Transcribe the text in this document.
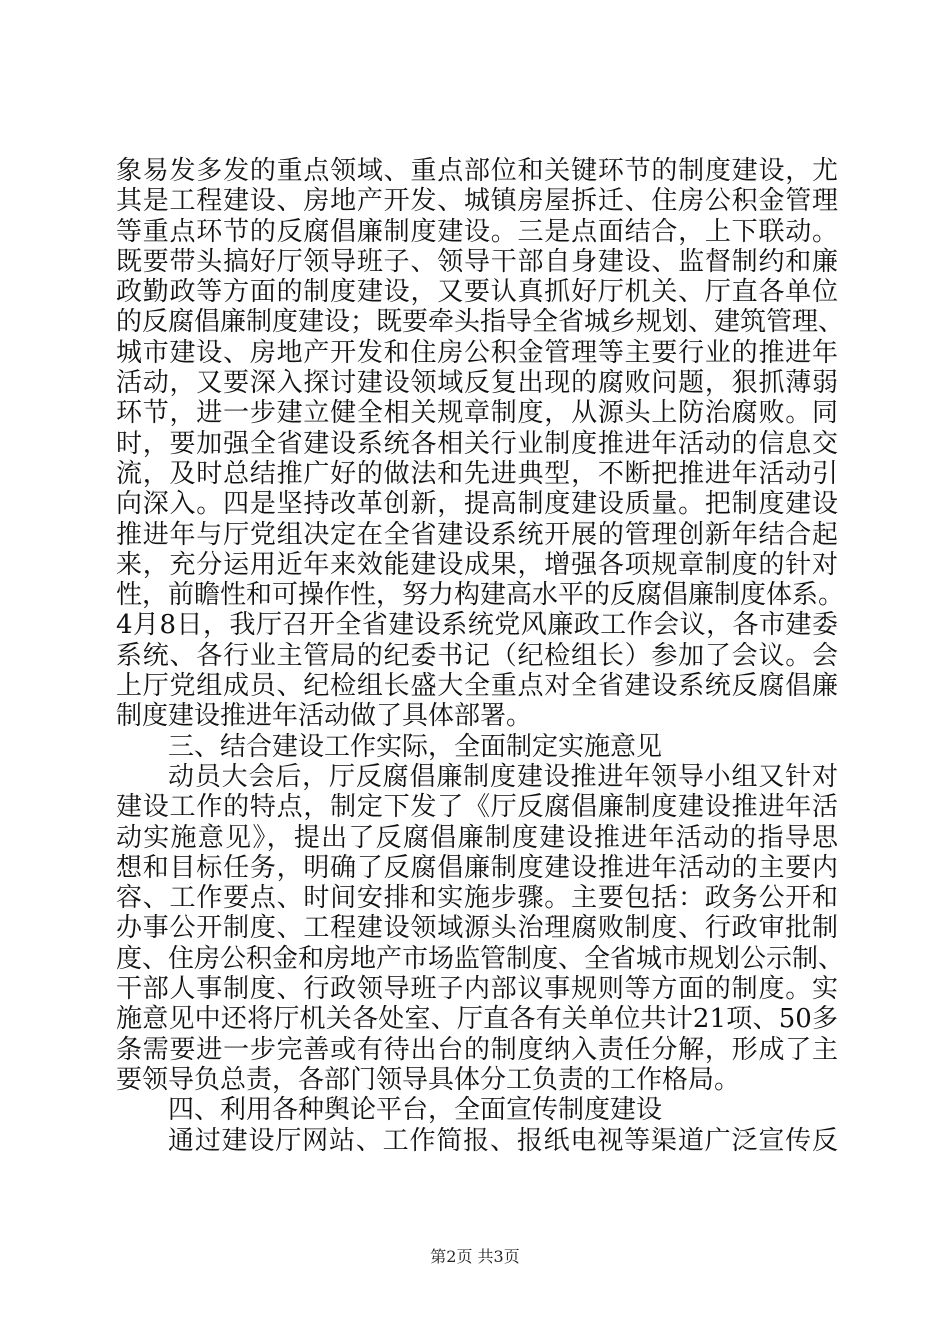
象易发多发的重点领域、重点部位和关键环节的制度建设，尤
其是工程建设、房地产开发、城镇房屋拆迁、住房公积金管理
等重点环节的反腐倡廉制度建设。三是点面结合，上下联动。
既要带头搞好厅领导班子、领导干部自身建设、监督制约和廉
政勤政等方面的制度建设，又要认真抓好厅机关、厅直各单位
的反腐倡廉制度建设；既要牵头指导全省城乡规划、建筑管理、
城市建设、房地产开发和住房公积金管理等主要行业的推进年
活动，又要深入探讨建设领域反复出现的腐败问题，狠抓薄弱
环节，进一步建立健全相关规章制度，从源头上防治腐败。同
时，要加强全省建设系统各相关行业制度推进年活动的信息交
流，及时总结推广好的做法和先进典型，不断把推进年活动引
向深入。四是坚持改革创新，提高制度建设质量。把制度建设
推进年与厅党组决定在全省建设系统开展的管理创新年结合起
来，充分运用近年来效能建设成果，增强各项规章制度的针对
性，前瞻性和可操作性，努力构建高水平的反腐倡廉制度体系。
4月8日，我厅召开全省建设系统党风廉政工作会议，各市建委
系统、各行业主管局的纪委书记（纪检组长）参加了会议。会
上厅党组成员、纪检组长盛大全重点对全省建设系统反腐倡廉
制度建设推进年活动做了具体部署。
三、结合建设工作实际，全面制定实施意见
动员大会后，厅反腐倡廉制度建设推进年领导小组又针对
建设工作的特点，制定下发了《厅反腐倡廉制度建设推进年活
动实施意见》，提出了反腐倡廉制度建设推进年活动的指导思
想和目标任务，明确了反腐倡廉制度建设推进年活动的主要内
容、工作要点、时间安排和实施步骤。主要包括：政务公开和
办事公开制度、工程建设领域源头治理腐败制度、行政审批制
度、住房公积金和房地产市场监管制度、全省城市规划公示制、
干部人事制度、行政领导班子内部议事规则等方面的制度。实
施意见中还将厅机关各处室、厅直各有关单位共计21项、50多
条需要进一步完善或有待出台的制度纳入责任分解，形成了主
要领导负总责，各部门领导具体分工负责的工作格局。
四、利用各种舆论平台，全面宣传制度建设
通过建设厅网站、工作简报、报纸电视等渠道广泛宣传反
第2页 共3页
